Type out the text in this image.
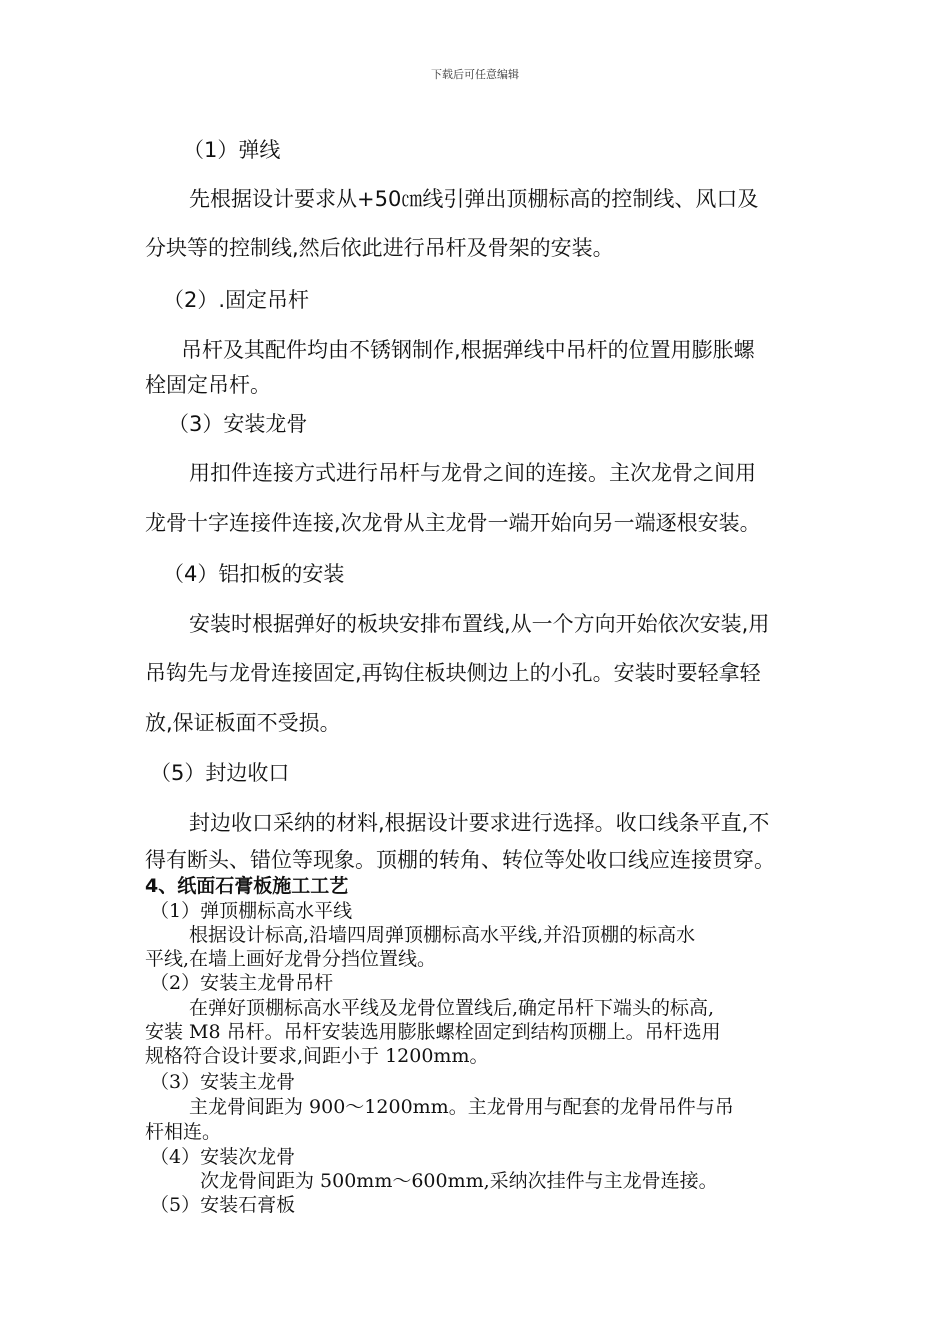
下载后可任意编辑
（1）弹线
先根据设计要求从+50㎝线引弹出顶棚标高的控制线、风口及
分块等的控制线,然后依此进行吊杆及骨架的安装。
（2）.固定吊杆
吊杆及其配件均由不锈钢制作,根据弹线中吊杆的位置用膨胀螺
栓固定吊杆。
（3）安装龙骨
用扣件连接方式进行吊杆与龙骨之间的连接。主次龙骨之间用
龙骨十字连接件连接,次龙骨从主龙骨一端开始向另一端逐根安装。
（4）铝扣板的安装
安装时根据弹好的板块安排布置线,从一个方向开始依次安装,用
吊钩先与龙骨连接固定,再钩住板块侧边上的小孔。安装时要轻拿轻
放,保证板面不受损。
（5）封边收口
封边收口采纳的材料,根据设计要求进行选择。收口线条平直,不
得有断头、错位等现象。顶棚的转角、转位等处收口线应连接贯穿。
4、纸面石膏板施工工艺
（1）弹顶棚标高水平线
根据设计标高,沿墙四周弹顶棚标高水平线,并沿顶棚的标高水
平线,在墙上画好龙骨分挡位置线。
（2）安装主龙骨吊杆
在弹好顶棚标高水平线及龙骨位置线后,确定吊杆下端头的标高,
安装 M8 吊杆。吊杆安装选用膨胀螺栓固定到结构顶棚上。吊杆选用
规格符合设计要求,间距小于 1200mm。
（3）安装主龙骨
主龙骨间距为 900～1200mm。主龙骨用与配套的龙骨吊件与吊
杆相连。
（4）安装次龙骨
次龙骨间距为 500mm～600mm,采纳次挂件与主龙骨连接。
（5）安装石膏板
